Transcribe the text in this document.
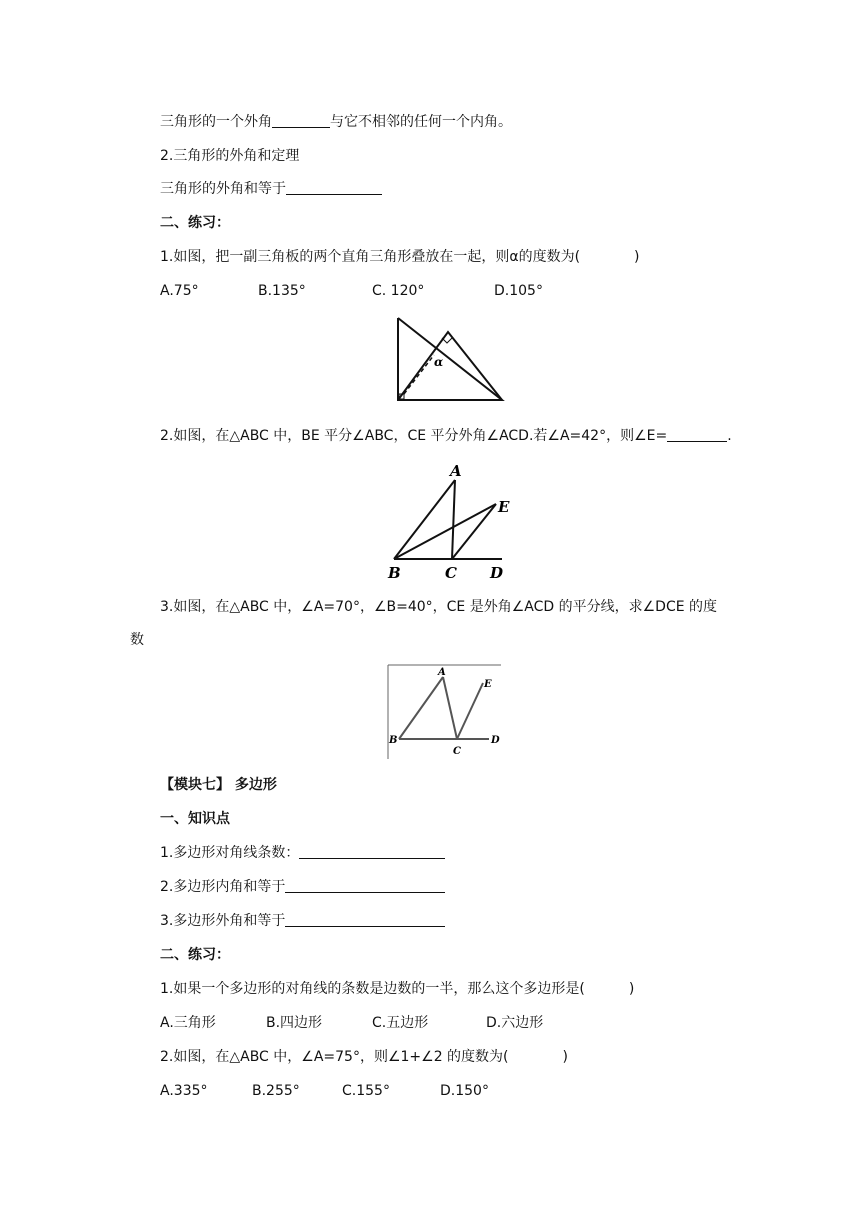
三角形的一个外角	与它不相邻的任何一个内角。
2.三角形的外角和定理
三角形的外角和等于
二、练习：
1.如图，把一副三角板的两个直角三角形叠放在一起，则α的度数为(	)
A.75°	B.135°	C. 120°	D.105°
α
2.如图，在△ABC 中，BE 平分∠ABC，CE 平分外角∠ACD.若∠A=42°，则∠E=	.
A
B	C D
E
3.如图，在△ABC 中，∠A=70°，∠B=40°，CE 是外角∠ACD 的平分线，求∠DCE 的度
数
A
B
C
D
E
【模块七】 多边形
一、知识点
1.多边形对角线条数：
2.多边形内角和等于
3.多边形外角和等于
二、练习：
1.如果一个多边形的对角线的条数是边数的一半，那么这个多边形是(	)
A.三角形	B.四边形	C.五边形	D.六边形
2.如图，在△ABC 中，∠A=75°，则∠1+∠2 的度数为(	)
A.335°	B.255°	C.155°	D.150°
